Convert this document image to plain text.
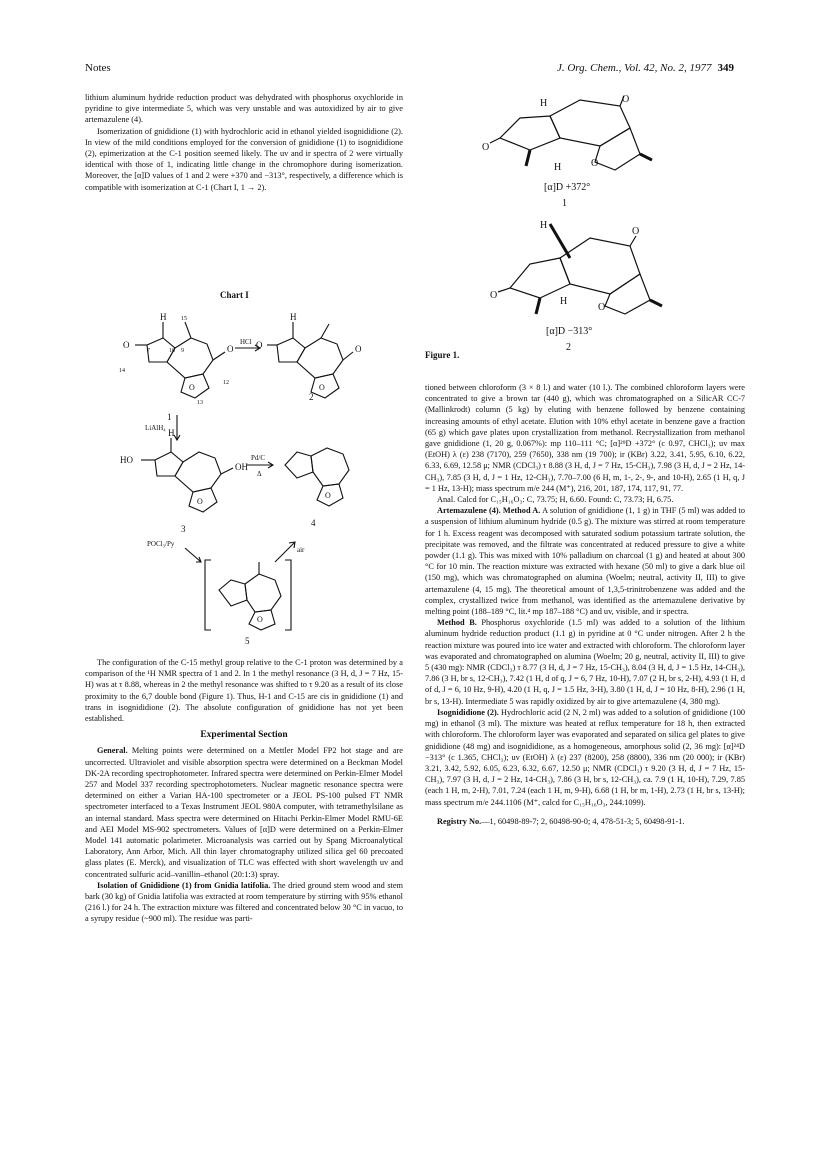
Notes	J. Org. Chem., Vol. 42, No. 2, 1977 349

lithium aluminum hydride reduction product was dehydrated with phosphorus oxychloride in pyridine to give intermediate 5, which was very unstable and was autoxidized by air to give artemazulene (4).

Isomerization of gnididione (1) with hydrochloric acid in ethanol yielded isognididione (2). In view of the mild conditions employed for the conversion of gnididione (1) to isognididione (2), epimerization at the C-1 position seemed likely. The uv and ir spectra of 2 were virtually identical with those of 1, indicating little change in the chromophore during isomerization. Moreover, the [α]D values of 1 and 2 were +370 and −313°, respectively, a difference which is compatible with isomerization at C-1 (Chart I, 1 → 2).

Chart I
O	O
H 15
10 9
7
O
14
12
13
1
HCl O	O
H
O
2
LiAlH₄ H
HO
OH
O
3
Pd/C
Δ
O
4
POCl₃/Py
air
O
5
H
O
O
O
H
[α]D +372°
1
H
O
O
O
H
[α]D −313°
2
Figure 1.

The configuration of the C-15 methyl group relative to the C-1 proton was determined by a comparison of the ¹H NMR spectra of 1 and 2. In 1 the methyl resonance (3 H, d, J = 7 Hz, 15-H) was at τ 8.88, whereas in 2 the methyl resonance was shifted to τ 9.20 as a result of its close proximity to the 6,7 double bond (Figure 1). Thus, H-1 and C-15 are cis in gnididione (1) and trans in isognididione (2). The absolute configuration of gnididione has not yet been established.

Experimental Section

General. Melting points were determined on a Mettler Model FP2 hot stage and are uncorrected. Ultraviolet and visible absorption spectra were determined on a Beckman Model DK-2A recording spectrophotometer. Infrared spectra were determined on Perkin-Elmer Model 257 and Model 337 recording spectrophotometers. Nuclear magnetic resonance spectra were determined on either a Varian HA-100 spectrometer or a JEOL PS-100 pulsed FT NMR spectrometer interfaced to a Texas Instrument JEOL 980A computer, with tetramethylsilane as an internal standard. Mass spectra were determined on Hitachi Perkin-Elmer Model RMU-6E and AEI Model MS-902 spectrometers. Values of [α]D were determined on a Perkin-Elmer Model 141 automatic polarimeter. Microanalysis was carried out by Spang Microanalytical Laboratory, Ann Arbor, Mich. All thin layer chromatography utilized silica gel 60 precoated glass plates (E. Merck), and visualization of TLC was effected with short wavelength uv and concentrated sulfuric acid–vanillin–ethanol (20:1:3) spray.

Isolation of Gnididione (1) from Gnidia latifolia. The dried ground stem wood and stem bark (30 kg) of Gnidia latifolia was extracted at room temperature by stirring with 95% ethanol (216 l.) for 24 h. The extraction mixture was filtered and concentrated below 30 °C in vacuo, to a syrupy residue (~900 ml). The residue was parti-

tioned between chloroform (3 × 8 l.) and water (10 l.). The combined chloroform layers were concentrated to give a brown tar (440 g), which was chromatographed on a SilicAR CC-7 (Mallinkrodt) column (5 kg) by eluting with benzene followed by benzene containing increasing amounts of ethyl acetate. Elution with 10% ethyl acetate in benzene gave a fraction (65 g) which gave plates upon crystallization from methanol. Recrystallization from methanol gave gnididione (1, 20 g, 0.067%): mp 110–111 °C; [α]²⁹D +372° (c 0.97, CHCl₃); uv max (EtOH) λ (ε) 238 (7170), 259 (7650), 338 nm (19 700); ir (KBr) 3.22, 3.41, 5.95, 6.10, 6.22, 6.33, 6.69, 12.58 μ; NMR (CDCl₃) τ 8.88 (3 H, d, J = 7 Hz, 15-CH₃), 7.98 (3 H, d, J = 2 Hz, 14-CH₃), 7.85 (3 H, d, J = 1 Hz, 12-CH₃), 7.70–7.00 (6 H, m, 1-, 2-, 9-, and 10-H), 2.65 (1 H, q, J = 1 Hz, 13-H); mass spectrum m/e 244 (M⁺), 216, 201, 187, 174, 117, 91, 77.

Anal. Calcd for C₁₅H₁₆O₃: C, 73.75; H, 6.60. Found: C, 73.73; H, 6.75.

Artemazulene (4). Method A. A solution of gnididione (1, 1 g) in THF (5 ml) was added to a suspension of lithium aluminum hydride (0.5 g). The mixture was stirred at room temperature for 1 h. Excess reagent was decomposed with saturated sodium potassium tartrate solution, the precipitate was removed, and the filtrate was concentrated at reduced pressure to give a white powder (1.1 g). This was mixed with 10% palladium on charcoal (1 g) and heated at about 300 °C for 10 min. The reaction mixture was extracted with hexane (50 ml) to give a dark blue oil (150 mg), which was chromatographed on alumina (Woelm; neutral, activity II, III) to give artemazulene (4, 15 mg). The theoretical amount of 1,3,5-trinitrobenzene was added and the complex, crystallized twice from methanol, was identified as the artemazulene derivative by melting point (188–189 °C, lit.⁴ mp 187–188 °C) and uv, visible, and ir spectra.

Method B. Phosphorus oxychloride (1.5 ml) was added to a solution of the lithium aluminum hydride reduction product (1.1 g) in pyridine at 0 °C under nitrogen. After 2 h the reaction mixture was poured into ice water and extracted with chloroform. The chloroform layer was evaporated and chromatographed on alumina (Woelm; 20 g, neutral, activity II, III) to give 5 (430 mg): NMR (CDCl₃) τ 8.77 (3 H, d, J = 7 Hz, 15-CH₃), 8.04 (3 H, d, J = 1.5 Hz, 14-CH₃), 7.86 (3 H, br s, 12-CH₃), 7.42 (1 H, d of q, J = 6, 7 Hz, 10-H), 7.07 (2 H, br s, 2-H), 4.93 (1 H, d of d, J = 6, 10 Hz, 9-H), 4.20 (1 H, q, J = 1.5 Hz, 3-H), 3.80 (1 H, d, J = 10 Hz, 8-H), 2.96 (1 H, br s, 13-H). Intermediate 5 was rapidly oxidized by air to give artemazulene (4, 380 mg).

Isognididione (2). Hydrochloric acid (2 N, 2 ml) was added to a solution of gnididione (100 mg) in ethanol (3 ml). The mixture was heated at reflux temperature for 18 h, then extracted with chloroform. The chloroform layer was evaporated and separated on silica gel plates to give gnididione (48 mg) and isognididione, as a homogeneous, amorphous solid (2, 36 mg): [α]²⁴D −313° (c 1.365, CHCl₃); uv (EtOH) λ (ε) 237 (8200), 258 (8800), 336 nm (20 000); ir (KBr) 3.21, 3.42, 5.92, 6.05, 6.23, 6.32, 6.67, 12.50 μ; NMR (CDCl₃) τ 9.20 (3 H, d, J = 7 Hz, 15-CH₃), 7.97 (3 H, d, J = 2 Hz, 14-CH₃), 7.86 (3 H, br s, 12-CH₃), ca. 7.9 (1 H, 10-H), 7.29, 7.85 (each 1 H, m, 2-H), 7.01, 7.24 (each 1 H, m, 9-H), 6.68 (1 H, br m, 1-H), 2.73 (1 H, br s, 13-H); mass spectrum m/e 244.1106 (M⁺, calcd for C₁₅H₁₆O₃, 244.1099).

Registry No.—1, 60498-89-7; 2, 60498-90-0; 4, 478-51-3; 5, 60498-91-1.
